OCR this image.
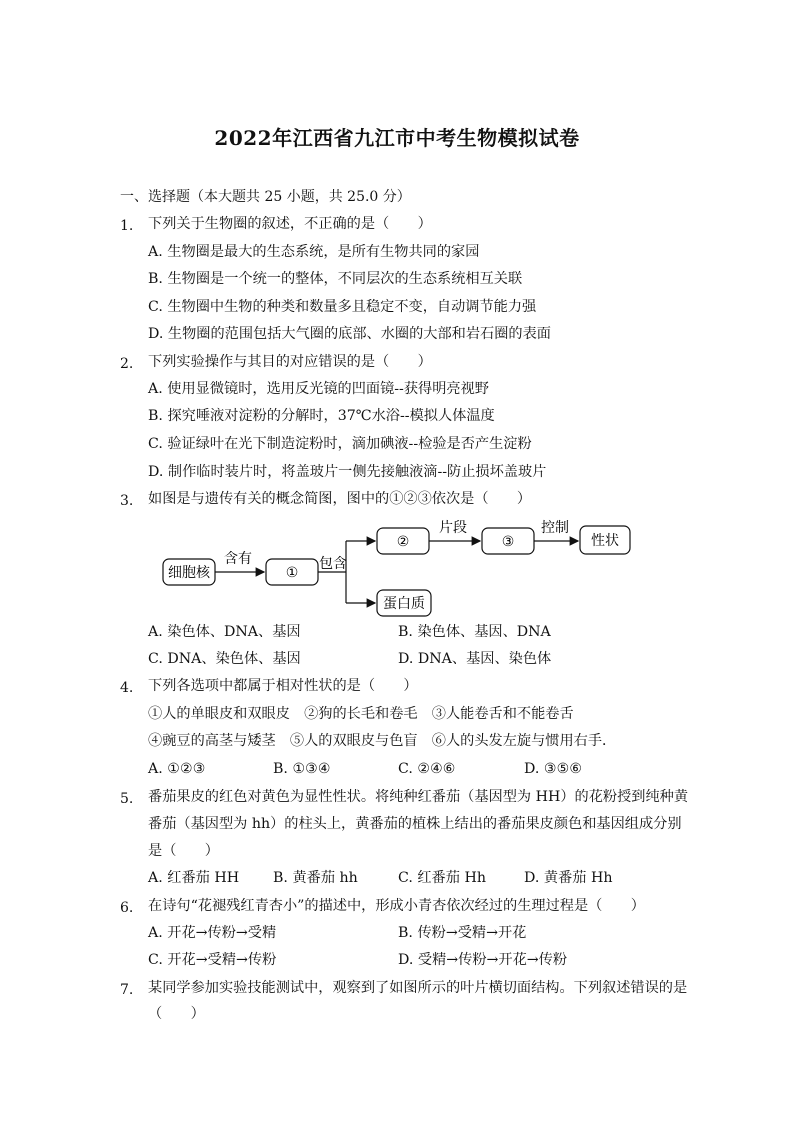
2022年江西省九江市中考生物模拟试卷
一、选择题（本大题共 25 小题，共 25.0 分）
1. 下列关于生物圈的叙述，不正确的是（　　）
A. 生物圈是最大的生态系统，是所有生物共同的家园
B. 生物圈是一个统一的整体，不同层次的生态系统相互关联
C. 生物圈中生物的种类和数量多且稳定不变，自动调节能力强
D. 生物圈的范围包括大气圈的底部、水圈的大部和岩石圈的表面
2. 下列实验操作与其目的对应错误的是（　　）
A. 使用显微镜时，选用反光镜的凹面镜--获得明亮视野
B. 探究唾液对淀粉的分解时，37℃水浴--模拟人体温度
C. 验证绿叶在光下制造淀粉时，滴加碘液--检验是否产生淀粉
D. 制作临时装片时，将盖玻片一侧先接触液滴--防止损坏盖玻片
3. 如图是与遗传有关的概念简图，图中的①②③依次是（　　）
细胞核
含有
①
包含
②
片段
③
控制
性状
蛋白质
A. 染色体、DNA、基因	B. 染色体、基因、DNA
C. DNA、染色体、基因	D. DNA、基因、染色体
4. 下列各选项中都属于相对性状的是（　　）
①人的单眼皮和双眼皮　②狗的长毛和卷毛　③人能卷舌和不能卷舌
④豌豆的高茎与矮茎　⑤人的双眼皮与色盲　⑥人的头发左旋与惯用右手．
A. ①②③	B. ①③④	C. ②④⑥	D. ③⑤⑥
5. 番茄果皮的红色对黄色为显性性状。将纯种红番茄（基因型为 HH）的花粉授到纯种黄
番茄（基因型为 hh）的柱头上，黄番茄的植株上结出的番茄果皮颜色和基因组成分别
是（　　）
A. 红番茄 HH B. 黄番茄 hh	C. 红番茄 Hh	D. 黄番茄 Hh
6. 在诗句“花褪残红青杏小”的描述中，形成小青杏依次经过的生理过程是（　　）
A. 开花→传粉→受精	B. 传粉→受精→开花
C. 开花→受精→传粉	D. 受精→传粉→开花→传粉
7. 某同学参加实验技能测试中，观察到了如图所示的叶片横切面结构。下列叙述错误的是
（　　）
